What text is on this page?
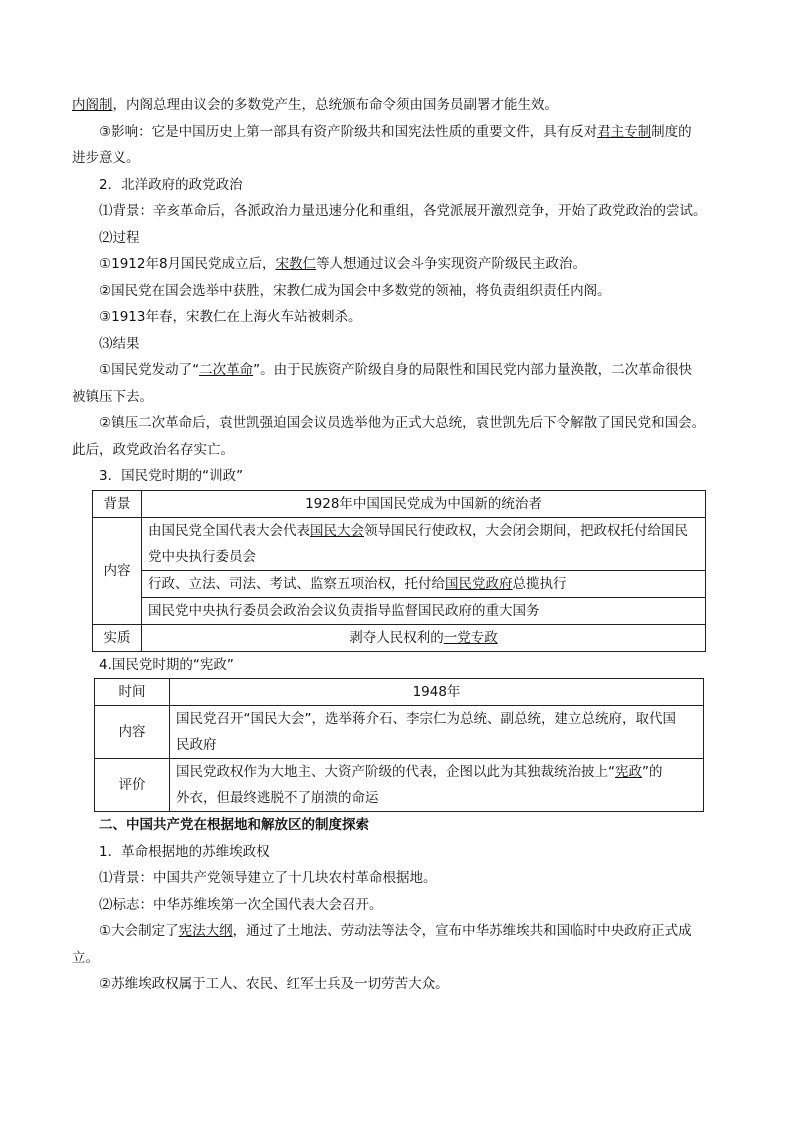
内阁制，内阁总理由议会的多数党产生，总统颁布命令须由国务员副署才能生效。

③影响：它是中国历史上第一部具有资产阶级共和国宪法性质的重要文件，具有反对君主专制制度的

进步意义。

2．北洋政府的政党政治

⑴背景：辛亥革命后，各派政治力量迅速分化和重组，各党派展开激烈竞争，开始了政党政治的尝试。

⑵过程

①1912年8月国民党成立后，宋教仁等人想通过议会斗争实现资产阶级民主政治。

②国民党在国会选举中获胜，宋教仁成为国会中多数党的领袖，将负责组织责任内阁。

③1913年春，宋教仁在上海火车站被刺杀。

⑶结果

①国民党发动了“二次革命”。由于民族资产阶级自身的局限性和国民党内部力量涣散，二次革命很快

被镇压下去。

②镇压二次革命后，袁世凯强迫国会议员选举他为正式大总统，袁世凯先后下令解散了国民党和国会。

此后，政党政治名存实亡。

3．国民党时期的“训政”

背景	1928年中国国民党成为中国新的统治者
内容	由国民党全国代表大会代表国民大会领导国民行使政权，大会闭会期间，把政权托付给国民
党中央执行委员会
	行政、立法、司法、考试、监察五项治权，托付给国民党政府总揽执行
	国民党中央执行委员会政治会议负责指导监督国民政府的重大国务
实质	剥夺人民权利的一党专政

4.国民党时期的“宪政”

时间	1948年
内容	国民党召开“国民大会”，选举蒋介石、李宗仁为总统、副总统，建立总统府，取代国
民政府
评价	国民党政权作为大地主、大资产阶级的代表，企图以此为其独裁统治披上“宪政”的
外衣，但最终逃脱不了崩溃的命运

二、中国共产党在根据地和解放区的制度探索

1．革命根据地的苏维埃政权

⑴背景：中国共产党领导建立了十几块农村革命根据地。

⑵标志：中华苏维埃第一次全国代表大会召开。

①大会制定了宪法大纲，通过了土地法、劳动法等法令，宣布中华苏维埃共和国临时中央政府正式成

立。

②苏维埃政权属于工人、农民、红军士兵及一切劳苦大众。
